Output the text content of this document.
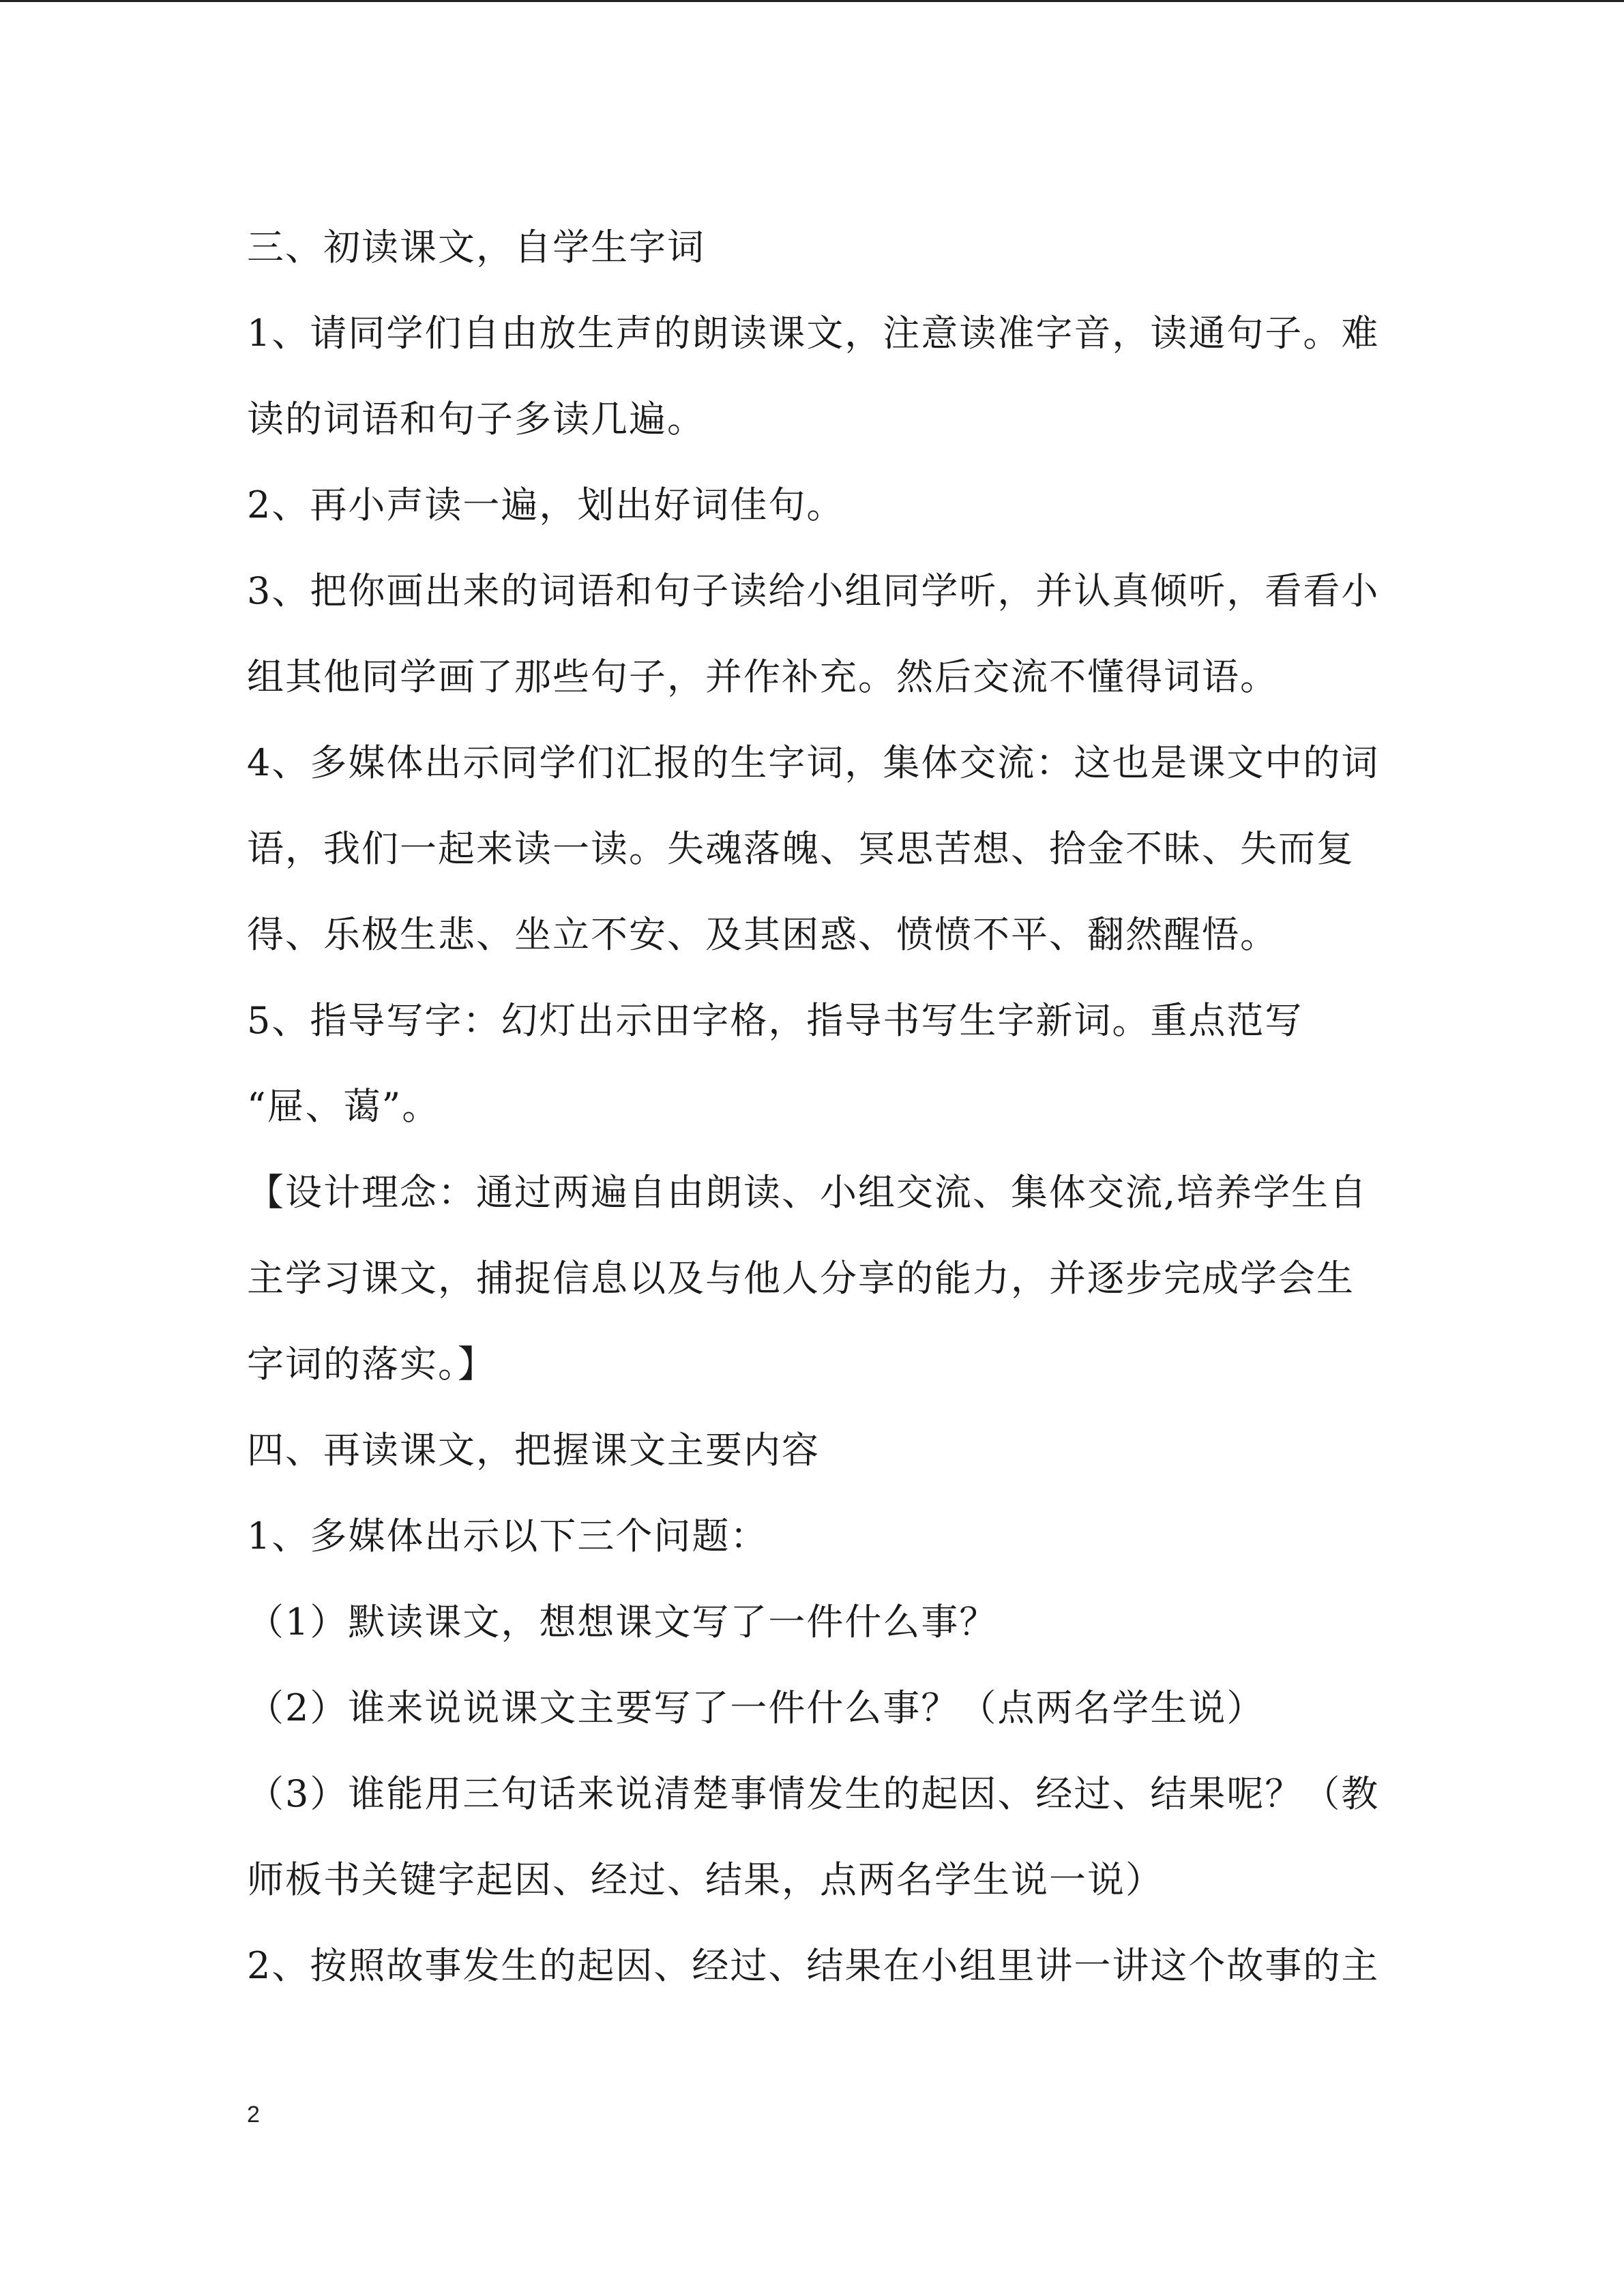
三、初读课文，自学生字词
1、请同学们自由放生声的朗读课文，注意读准字音，读通句子。难
读的词语和句子多读几遍。
2、再小声读一遍，划出好词佳句。
3、把你画出来的词语和句子读给小组同学听，并认真倾听，看看小
组其他同学画了那些句子，并作补充。然后交流不懂得词语。
4、多媒体出示同学们汇报的生字词，集体交流：这也是课文中的词
语，我们一起来读一读。失魂落魄、冥思苦想、拾金不昧、失而复
得、乐极生悲、坐立不安、及其困惑、愤愤不平、翻然醒悟。
5、指导写字：幻灯出示田字格，指导书写生字新词。重点范写
“屉、蔼”。
【设计理念：通过两遍自由朗读、小组交流、集体交流,培养学生自
主学习课文，捕捉信息以及与他人分享的能力，并逐步完成学会生
字词的落实。】
四、再读课文，把握课文主要内容
1、多媒体出示以下三个问题：
（1）默读课文，想想课文写了一件什么事？
（2）谁来说说课文主要写了一件什么事？（点两名学生说）
（3）谁能用三句话来说清楚事情发生的起因、经过、结果呢？（教
师板书关键字起因、经过、结果，点两名学生说一说）
2、按照故事发生的起因、经过、结果在小组里讲一讲这个故事的主
2
